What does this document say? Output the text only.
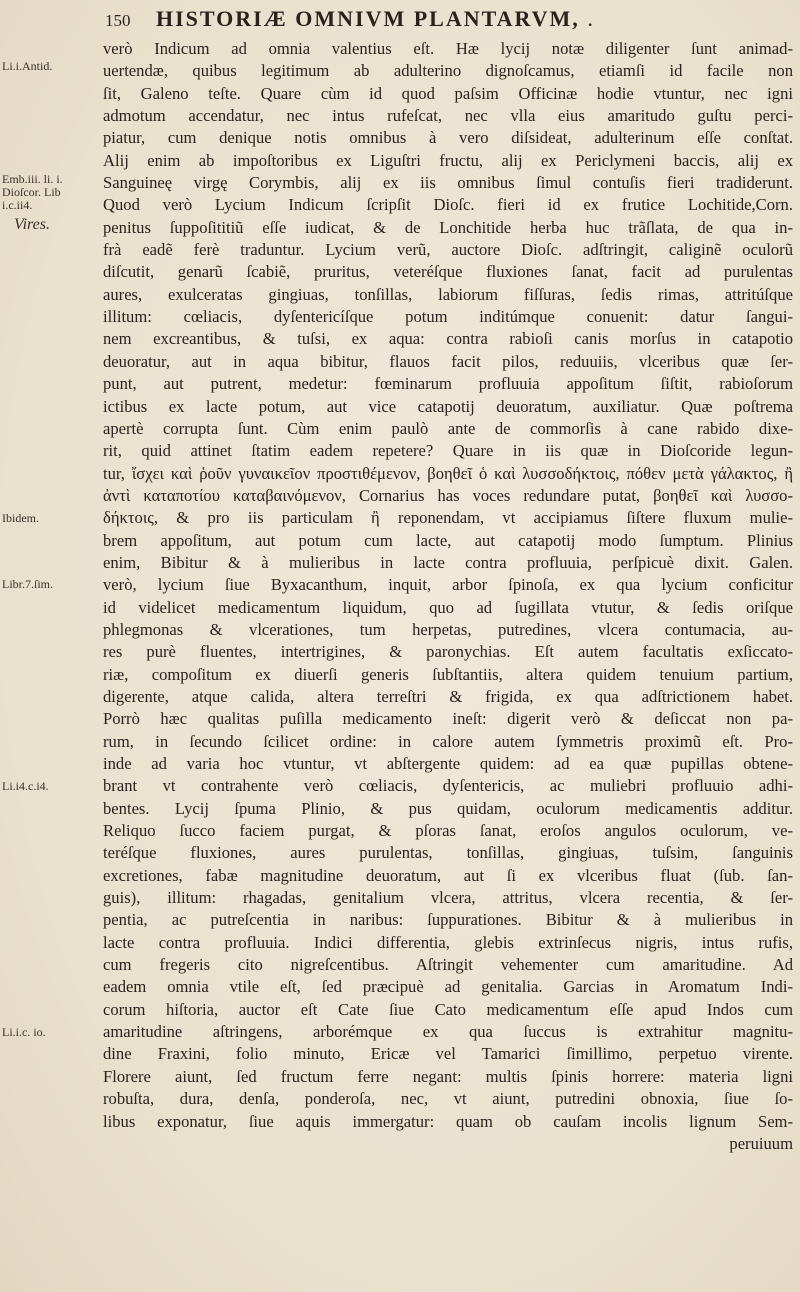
150 HISTORIÆ OMNIVM PLANTARVM, .
Li.i.Antid.
Emb.iii. li. i. Dioſcor. Lib i.c.ii4.
Vires.
Ibidem.
Libr.7.ſim.
Li.i4.c.i4.
Li.i.c. io.
verò Indicum ad omnia valentius eſt. Hæ lycij notæ diligenter ſunt animad-
uertendæ, quibus legitimum ab adulterino dignoſcamus, etiamſi id facile non
ſit, Galeno teſte. Quare cùm id quod paſsim Officinæ hodie vtuntur, nec igni
admotum accendatur, nec intus rufeſcat, nec vlla eius amaritudo guſtu perci-
piatur, cum denique notis omnibus à vero diſsideat, adulterinum eſſe conſtat.
Alij enim ab impoſtoribus ex Liguſtri fructu, alij ex Periclymeni baccis, alij ex
Sanguineę virgę Corymbis, alij ex iis omnibus ſimul contuſis fieri tradiderunt.
Quod verò Lycium Indicum ſcripſit Dioſc. fieri id ex frutice Lochitide,Corn.
penitus ſuppoſititiũ eſſe iudicat, & de Lonchitide herba huc trãſlata, de qua in-
frà eadẽ ferè traduntur. Lycium verũ, auctore Dioſc. adſtringit, caliginẽ oculorũ
diſcutit, genarũ ſcabiẽ, pruritus, veteréſque fluxiones ſanat, facit ad purulentas
aures, exulceratas gingiuas, tonſillas, labiorum fiſſuras, ſedis rimas, attritúſque
illitum: cœliacis, dyſentericíſque potum inditúmque conuenit: datur ſangui-
nem excreantibus, & tuſsi, ex aqua: contra rabioſi canis morſus in catapotio
deuoratur, aut in aqua bibitur, flauos facit pilos, reduuiis, vlceribus quæ ſer-
punt, aut putrent, medetur: fœminarum profluuia appoſitum ſiſtit, rabioſorum
ictibus ex lacte potum, aut vice catapotij deuoratum, auxiliatur. Quæ poſtrema
apertè corrupta ſunt. Cùm enim paulò ante de commorſis à cane rabido dixe-
rit, quid attinet ſtatim eadem repetere? Quare in iis quæ in Dioſcoride legun-
tur, ἴσχει καὶ ῥοῦν γυναικεῖον προστιθέμενον, βοηθεῖ ὁ καὶ λυσσοδήκτοις, πόθεν μετὰ γάλακτος, ἢ
ἀντὶ καταποτίου καταβαινόμενον, Cornarius has voces redundare putat, βοηθεῖ καὶ λυσσο-
δήκτοις, & pro iis particulam ἢ reponendam, vt accipiamus ſiſtere fluxum mulie-
brem appoſitum, aut potum cum lacte, aut catapotij modo ſumptum. Plinius
enim, Bibitur & à mulieribus in lacte contra profluuia, perſpicuè dixit. Galen.
verò, lycium ſiue Byxacanthum, inquit, arbor ſpinoſa, ex qua lycium conficitur
id videlicet medicamentum liquidum, quo ad ſugillata vtutur, & ſedis oriſque
phlegmonas & vlcerationes, tum herpetas, putredines, vlcera contumacia, au-
res purè fluentes, intertrigines, & paronychias. Eſt autem facultatis exſiccato-
riæ, compoſitum ex diuerſi generis ſubſtantiis, altera quidem tenuium partium,
digerente, atque calida, altera terreſtri & frigida, ex qua adſtrictionem habet.
Porrò hæc qualitas puſilla medicamento ineſt: digerit verò & deſiccat non pa-
rum, in ſecundo ſcilicet ordine: in calore autem ſymmetris proximũ eſt. Pro-
inde ad varia hoc vtuntur, vt abſtergente quidem: ad ea quæ pupillas obtene-
brant vt contrahente verò cœliacis, dyſentericis, ac muliebri profluuio adhi-
bentes. Lycij ſpuma Plinio, & pus quidam, oculorum medicamentis additur.
Reliquo ſucco faciem purgat, & pſoras ſanat, eroſos angulos oculorum, ve-
teréſque fluxiones, aures purulentas, tonſillas, gingiuas, tuſsim, ſanguinis
excretiones, fabæ magnitudine deuoratum, aut ſi ex vlceribus fluat (ſub. ſan-
guis), illitum: rhagadas, genitalium vlcera, attritus, vlcera recentia, & ſer-
pentia, ac putreſcentia in naribus: ſuppurationes. Bibitur & à mulieribus in
lacte contra profluuia. Indici differentia, glebis extrinſecus nigris, intus rufis,
cum fregeris cito nigreſcentibus. Aſtringit vehementer cum amaritudine. Ad
eadem omnia vtile eſt, ſed præcipuè ad genitalia. Garcias in Aromatum Indi-
corum hiſtoria, auctor eſt Cate ſiue Cato medicamentum eſſe apud Indos cum
amaritudine aſtringens, arborémque ex qua ſuccus is extrahitur magnitu-
dine Fraxini, folio minuto, Ericæ vel Tamarici ſimillimo, perpetuo virente.
Florere aiunt, ſed fructum ferre negant: multis ſpinis horrere: materia ligni
robuſta, dura, denſa, ponderoſa, nec, vt aiunt, putredini obnoxia, ſiue ſo-
libus exponatur, ſiue aquis immergatur: quam ob cauſam incolis lignum Sem-
peruiuum
